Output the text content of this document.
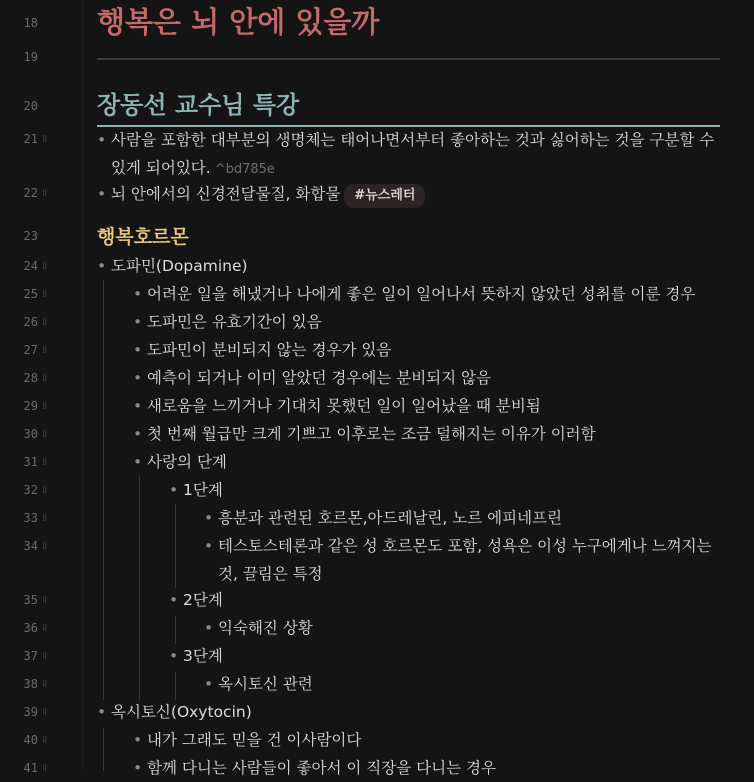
18
19
20
21
22
23
24
25
26
27
28
29
30
31
32
33
34
35
36
37
38
39
40
41
⁞⁞
⁞⁞
⁞⁞
⁞⁞
⁞⁞
⁞⁞
⁞⁞
⁞⁞
⁞⁞
⁞⁞
⁞⁞
⁞⁞
⁞⁞
⁞⁞
⁞⁞
⁞⁞
⁞⁞
⁞⁞
⁞⁞
⁞⁞
행복은 뇌 안에 있을까
장동선 교수님 특강
• 사람을 포함한 대부분의 생명체는 태어나면서부터 좋아하는 것과 싫어하는 것을 구분할 수 있게 되어있다. ^bd785e
• 뇌 안에서의 신경전달물질, 화합물 #뉴스레터
행복호르몬
• 도파민(Dopamine)
• 어려운 일을 해냈거나 나에게 좋은 일이 일어나서 뜻하지 않았던 성취를 이룬 경우
• 도파민은 유효기간이 있음
• 도파민이 분비되지 않는 경우가 있음
• 예측이 되거나 이미 알았던 경우에는 분비되지 않음
• 새로움을 느끼거나 기대치 못했던 일이 일어났을 때 분비됨
• 첫 번째 월급만 크게 기쁘고 이후로는 조금 덜해지는 이유가 이러함
• 사랑의 단계
• 1단계
• 흥분과 관련된 호르몬,아드레날린, 노르 에피네프린
• 테스토스테론과 같은 성 호르몬도 포함, 성욕은 이성 누구에게나 느껴지는 것, 끌림은 특정
• 2단계
• 익숙해진 상황
• 3단계
• 옥시토신 관련
• 옥시토신(Oxytocin)
• 내가 그래도 믿을 건 이사람이다
• 함께 다니는 사람들이 좋아서 이 직장을 다니는 경우
